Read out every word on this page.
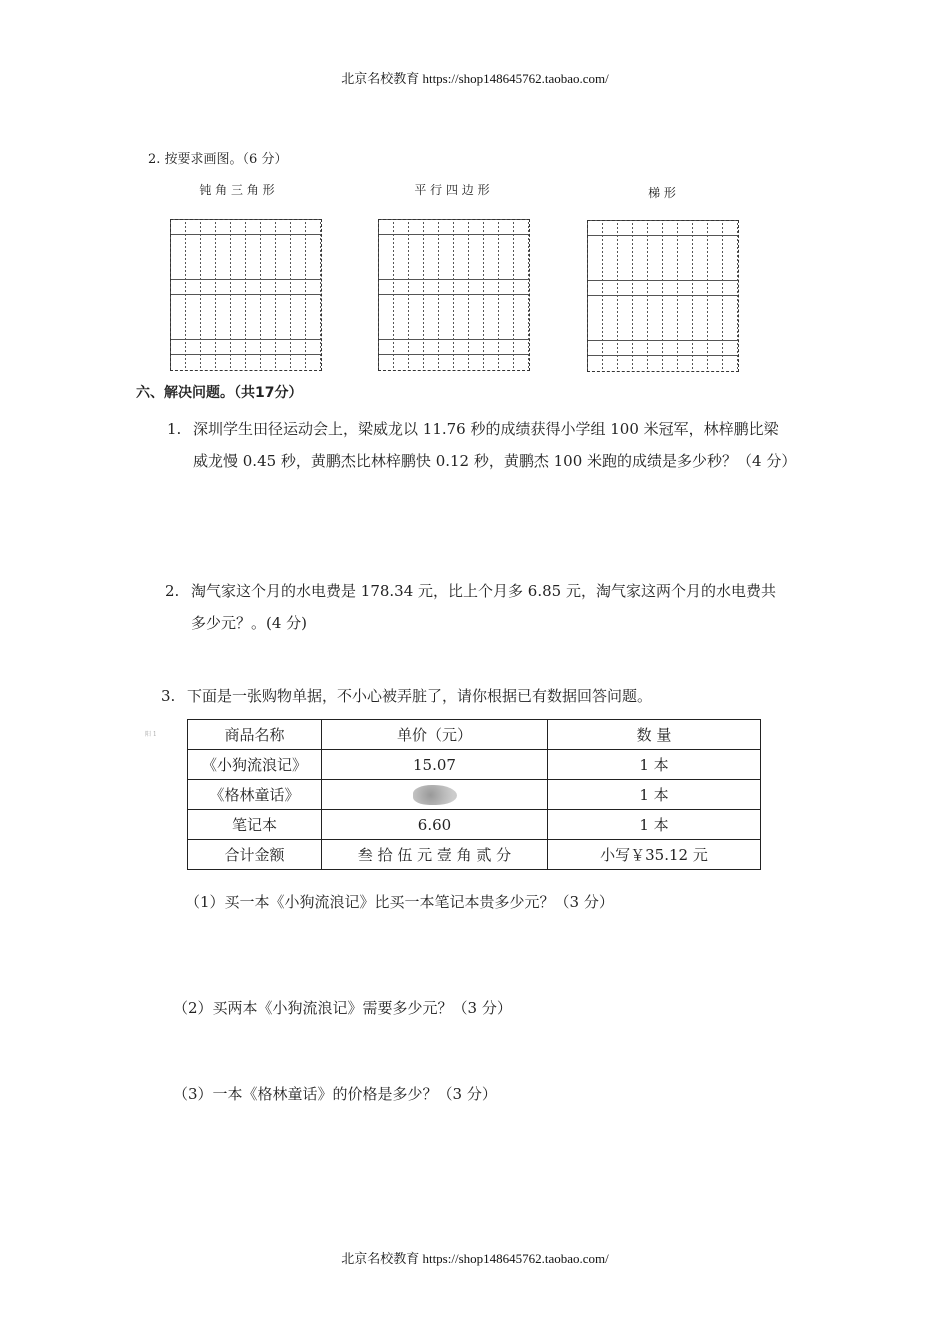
北京名校教育 https://shop148645762.taobao.com/
2. 按要求画图。（6 分）
钝 角 三 角 形	平 行 四 边 形	梯 形
六、解决问题。（共17分）
1. 深圳学生田径运动会上，梁威龙以 11.76 秒的成绩获得小学组 100 米冠军，林梓鹏比梁
威龙慢 0.45 秒，黄鹏杰比林梓鹏快 0.12 秒，黄鹏杰 100 米跑的成绩是多少秒？（4 分）
2. 淘气家这个月的水电费是 178.34 元，比上个月多 6.85 元，淘气家这两个月的水电费共
多少元？。(4 分)
3. 下面是一张购物单据，不小心被弄脏了，请你根据已有数据回答问题。
阳 1	商品名称	单价（元）	数 量
《小狗流浪记》	15.07	1 本
《格林童话》		1 本
笔记本	6.60	1 本
合计金额	叁 拾 伍 元 壹 角 贰 分	小写￥35.12 元
（1）买一本《小狗流浪记》比买一本笔记本贵多少元？（3 分）
（2）买两本《小狗流浪记》需要多少元？（3 分）
（3）一本《格林童话》的价格是多少？（3 分）
北京名校教育 https://shop148645762.taobao.com/
